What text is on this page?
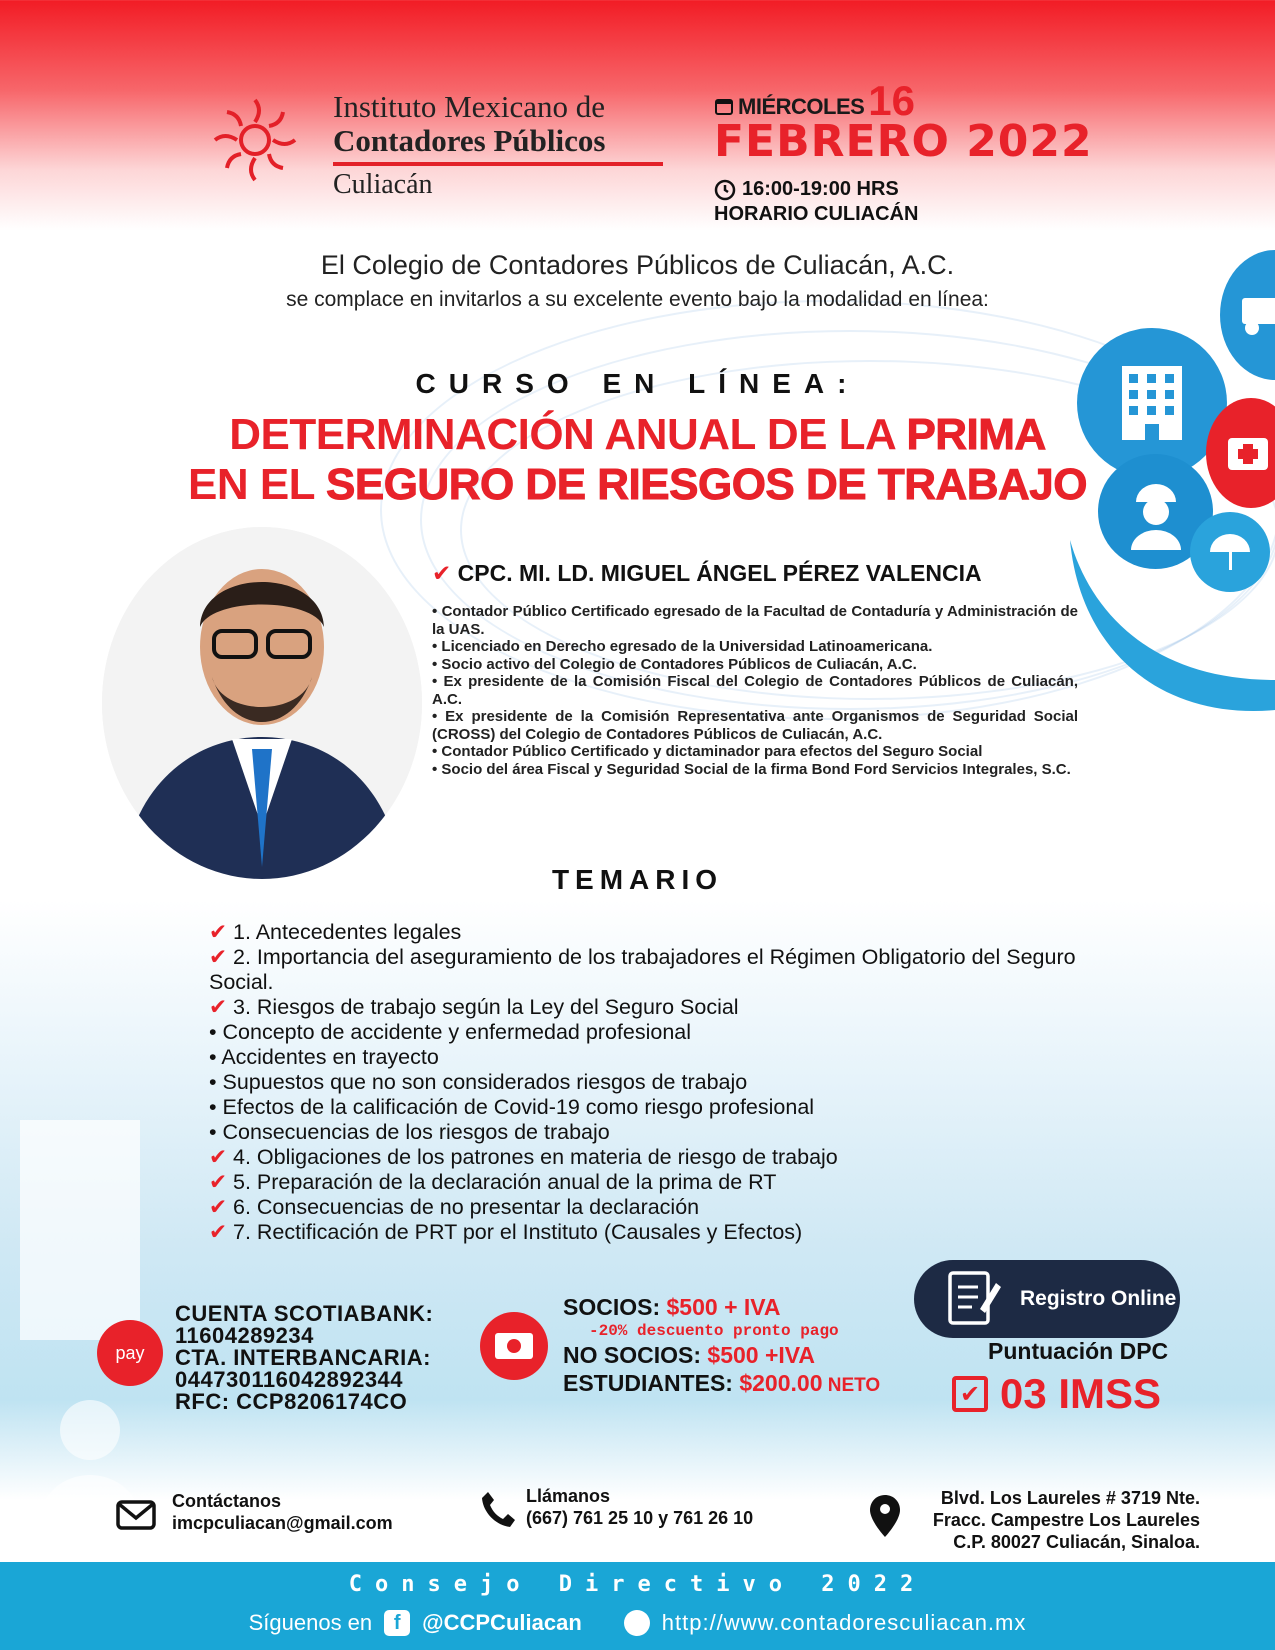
Instituto Mexicano de
Contadores Públicos
Culiacán
MIÉRCOLES 16
FEBRERO 2022
16:00-19:00 HRS
HORARIO CULIACÁN
El Colegio de Contadores Públicos de Culiacán, A.C.
se complace en invitarlos a su excelente evento bajo la modalidad en línea:
CURSO EN LÍNEA:
DETERMINACIÓN ANUAL DE LA PRIMA
EN EL SEGURO DE RIESGOS DE TRABAJO
✔ CPC. MI. LD. MIGUEL ÁNGEL PÉREZ VALENCIA
• Contador Público Certificado egresado de la Facultad de Contaduría y Administración de la UAS.
• Licenciado en Derecho egresado de la Universidad Latinoamericana.
• Socio activo del Colegio de Contadores Públicos de Culiacán, A.C.
• Ex presidente de la Comisión Fiscal del Colegio de Contadores Públicos de Culiacán, A.C.
• Ex presidente de la Comisión Representativa ante Organismos de Seguridad Social (CROSS) del Colegio de Contadores Públicos de Culiacán, A.C.
• Contador Público Certificado y dictaminador para efectos del Seguro Social
• Socio del área Fiscal y Seguridad Social de la firma Bond Ford Servicios Integrales, S.C.
TEMARIO
✔ 1. Antecedentes legales
✔ 2. Importancia del aseguramiento de los trabajadores el Régimen Obligatorio del Seguro Social.
✔ 3. Riesgos de trabajo según la Ley del Seguro Social
• Concepto de accidente y enfermedad profesional
• Accidentes en trayecto
• Supuestos que no son considerados riesgos de trabajo
• Efectos de la calificación de Covid-19 como riesgo profesional
• Consecuencias de los riesgos de trabajo
✔ 4. Obligaciones de los patrones en materia de riesgo de trabajo
✔ 5. Preparación de la declaración anual de la prima de RT
✔ 6. Consecuencias de no presentar la declaración
✔ 7. Rectificación de PRT por el Instituto (Causales y Efectos)
pay
CUENTA SCOTIABANK:
11604289234
CTA. INTERBANCARIA:
044730116042892344
RFC: CCP8206174CO
SOCIOS: $500 + IVA
-20% descuento pronto pago
NO SOCIOS: $500 +IVA
ESTUDIANTES: $200.00 NETO
Registro Online
Puntuación DPC
✔ 03 IMSS
Contáctanos
imcpculiacan@gmail.com
Llámanos
(667) 761 25 10 y 761 26 10
Blvd. Los Laureles # 3719 Nte.
Fracc. Campestre Los Laureles
C.P. 80027 Culiacán, Sinaloa.
Consejo Directivo 2022
Síguenos en	f @CCPCuliacan	http://www.contadoresculiacan.mx
